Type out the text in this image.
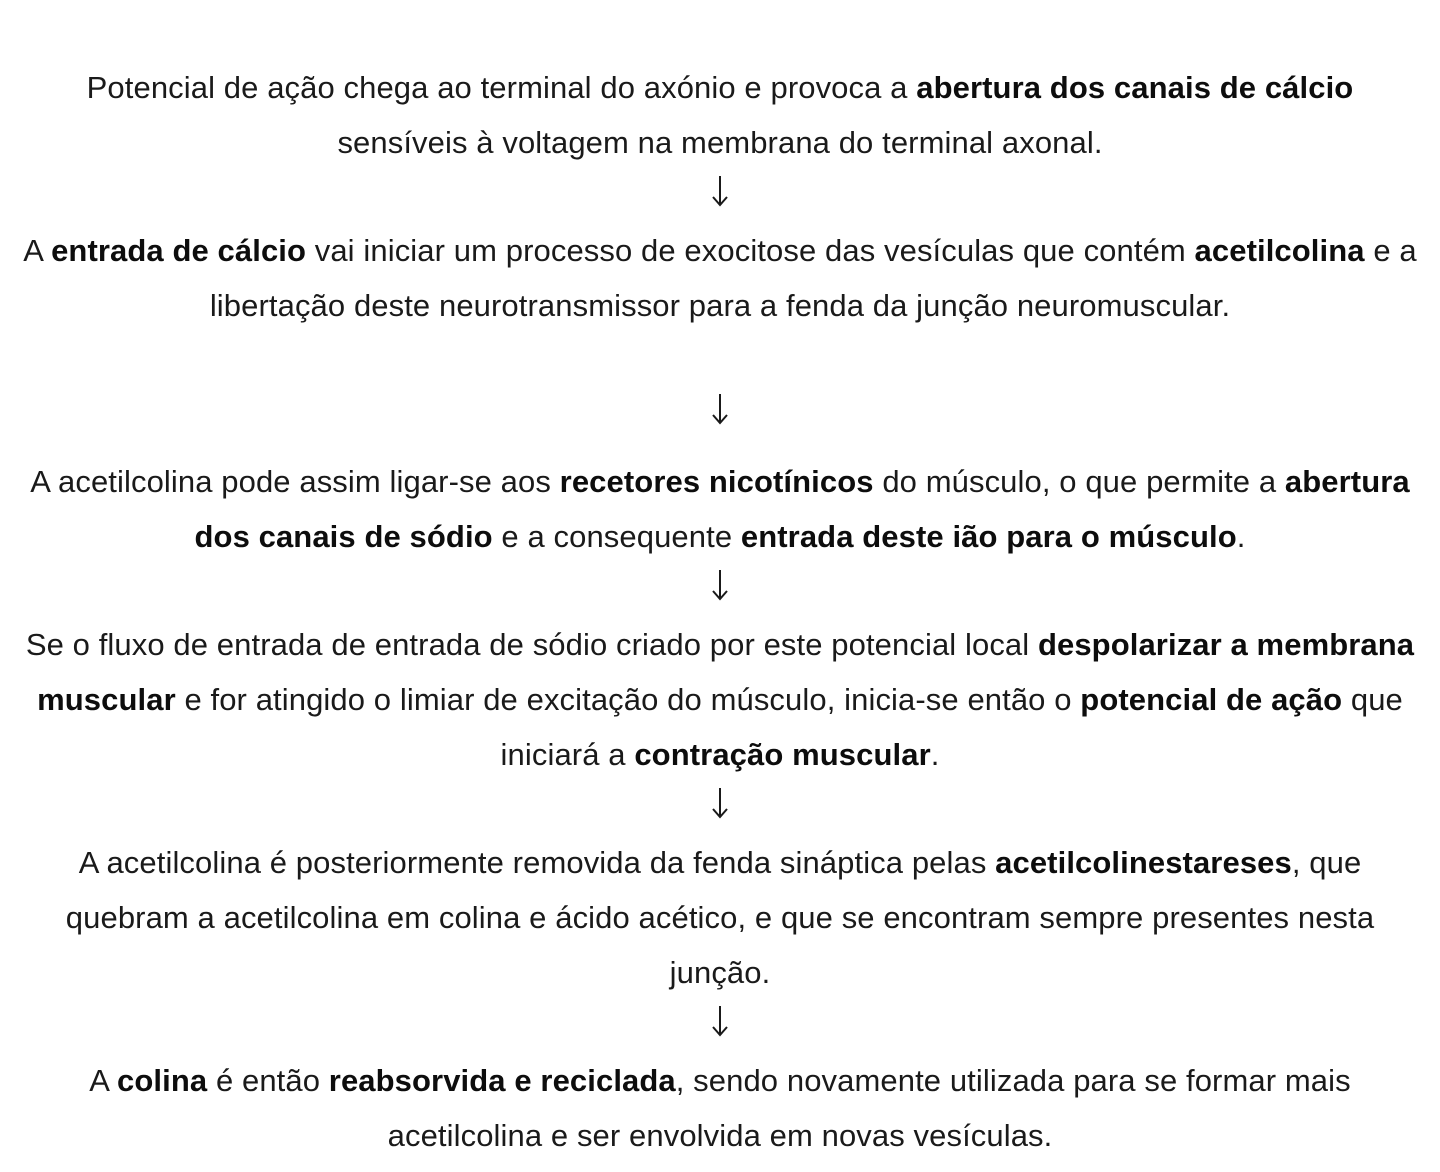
Potencial de ação chega ao terminal do axónio e provoca a abertura dos canais de cálcio sensíveis à voltagem na membrana do terminal axonal.
A entrada de cálcio vai iniciar um processo de exocitose das vesículas que contém acetilcolina e a libertação deste neurotransmissor para a fenda da junção neuromuscular.
A acetilcolina pode assim ligar-se aos recetores nicotínicos do músculo, o que permite a abertura dos canais de sódio e a consequente entrada deste ião para o músculo.
Se o fluxo de entrada de entrada de sódio criado por este potencial local despolarizar a membrana muscular e for atingido o limiar de excitação do músculo, inicia-se então o potencial de ação que iniciará a contração muscular.
A acetilcolina é posteriormente removida da fenda sináptica pelas acetilcolinestareses, que quebram a acetilcolina em colina e ácido acético, e que se encontram sempre presentes nesta junção.
A colina é então reabsorvida e reciclada, sendo novamente utilizada para se formar mais acetilcolina e ser envolvida em novas vesículas.
